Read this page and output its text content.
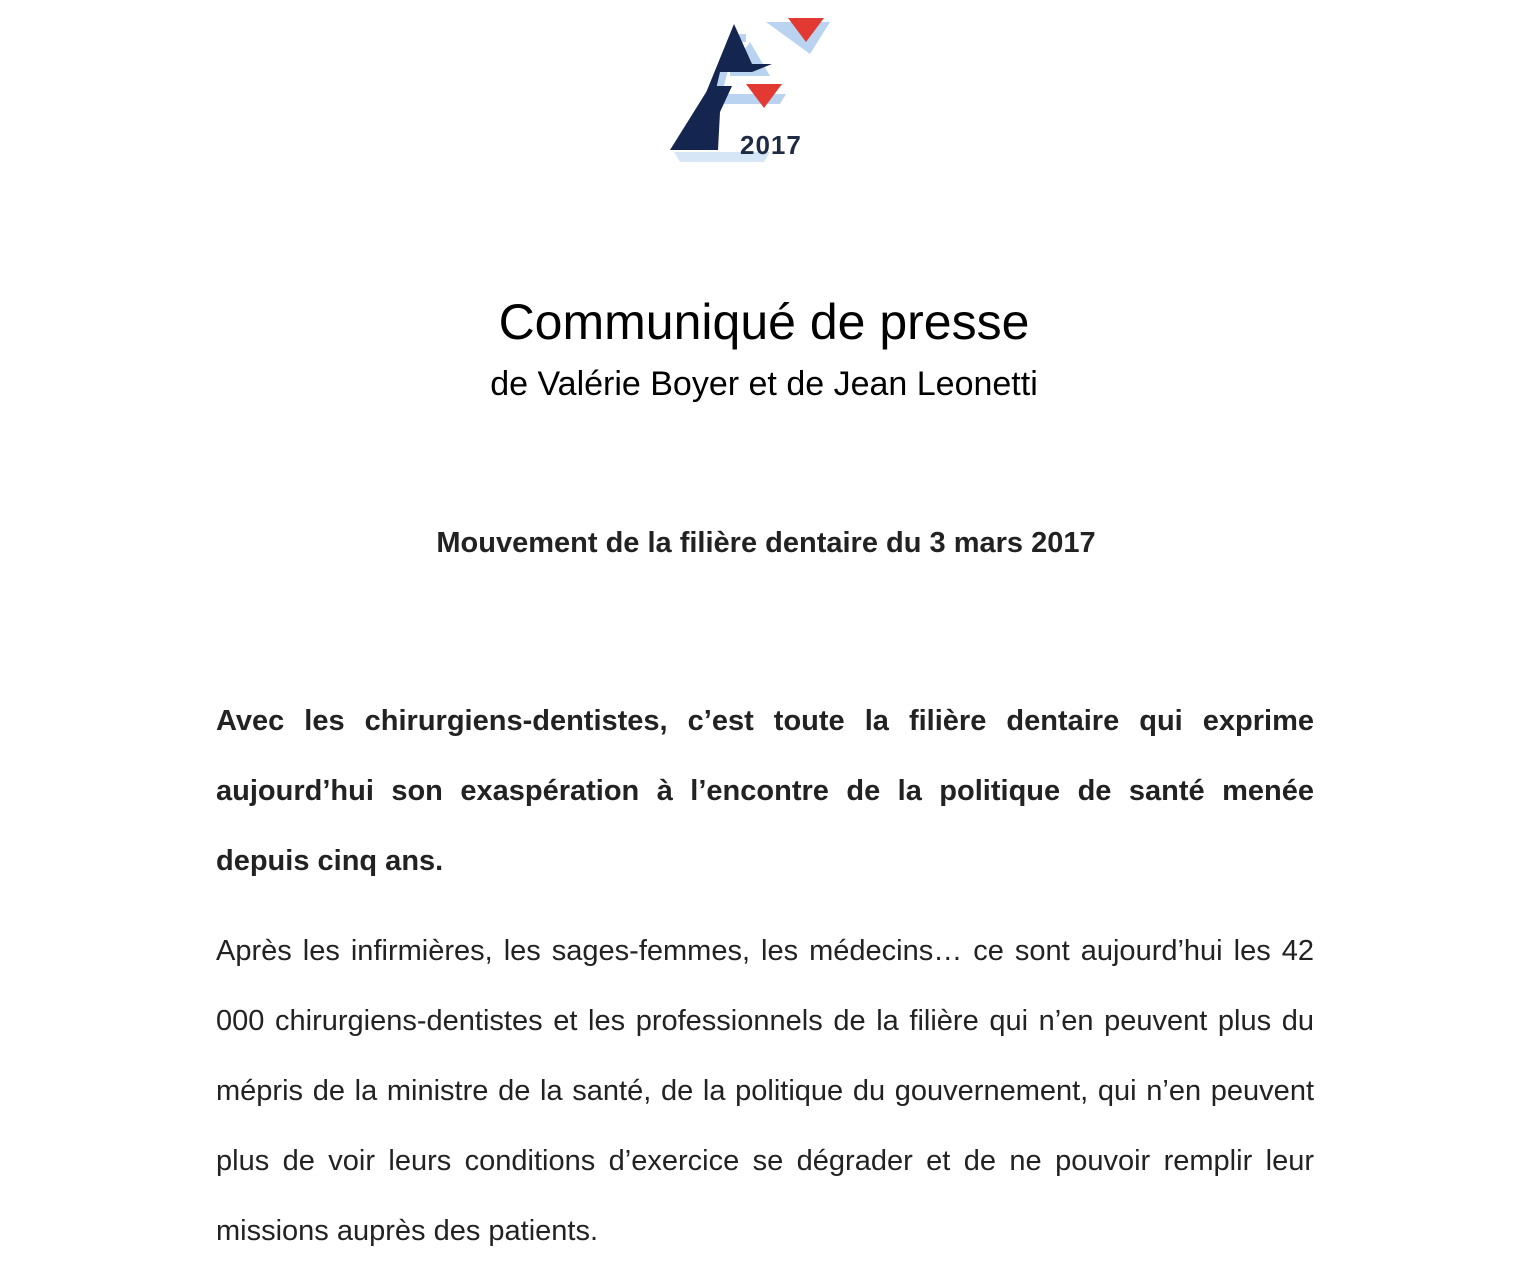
2017
Communiqué de presse
de Valérie Boyer et de Jean Leonetti
Mouvement de la filière dentaire du 3 mars 2017

Avec les chirurgiens-dentistes, c’est toute la filière dentaire qui exprime aujourd’hui son exaspération à l’encontre de la politique de santé menée depuis cinq ans.

Après les infirmières, les sages-femmes, les médecins… ce sont aujourd’hui les 42 000 chirurgiens-dentistes et les professionnels de la filière qui n’en peuvent plus du mépris de la ministre de la santé, de la politique du gouvernement, qui n’en peuvent plus de voir leurs conditions d’exercice se dégrader et de ne pouvoir remplir leur missions auprès des patients.
